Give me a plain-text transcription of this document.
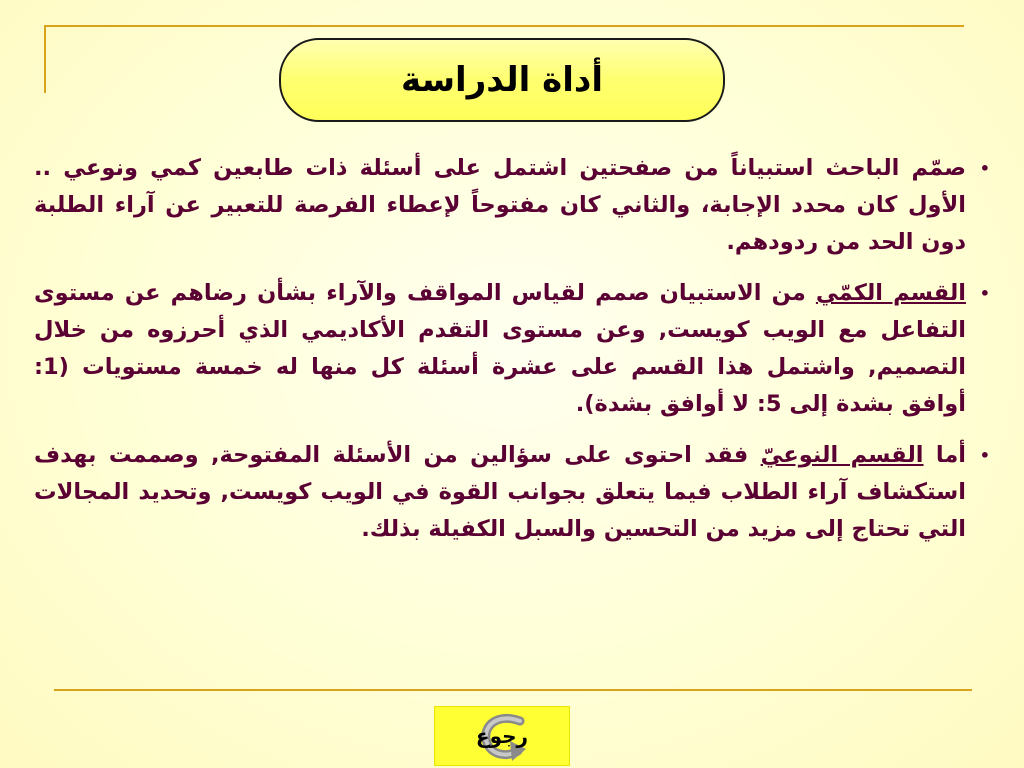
أداة الدراسة

•
صمّم الباحث استبياناً من صفحتين اشتمل على أسئلة ذات طابعين كمي ونوعي .. الأول كان محدد الإجابة، والثاني كان مفتوحاً لإعطاء الفرصة للتعبير عن آراء الطلبة دون الحد من ردودهم.

•
القسم الكمّي من الاستبيان صمم لقياس المواقف والآراء بشأن رضاهم عن مستوى التفاعل مع الويب كويست, وعن مستوى التقدم الأكاديمي الذي أحرزوه من خلال التصميم, واشتمل هذا القسم على عشرة أسئلة كل منها له خمسة مستويات (1: أوافق بشدة إلى 5: لا أوافق بشدة).

•
أما القسم النوعيّ فقد احتوى على سؤالين من الأسئلة المفتوحة, وصممت بهدف استكشاف آراء الطلاب فيما يتعلق بجوانب القوة في الويب كويست, وتحديد المجالات التي تحتاج إلى مزيد من التحسين والسبل الكفيلة بذلك.

رجوع
